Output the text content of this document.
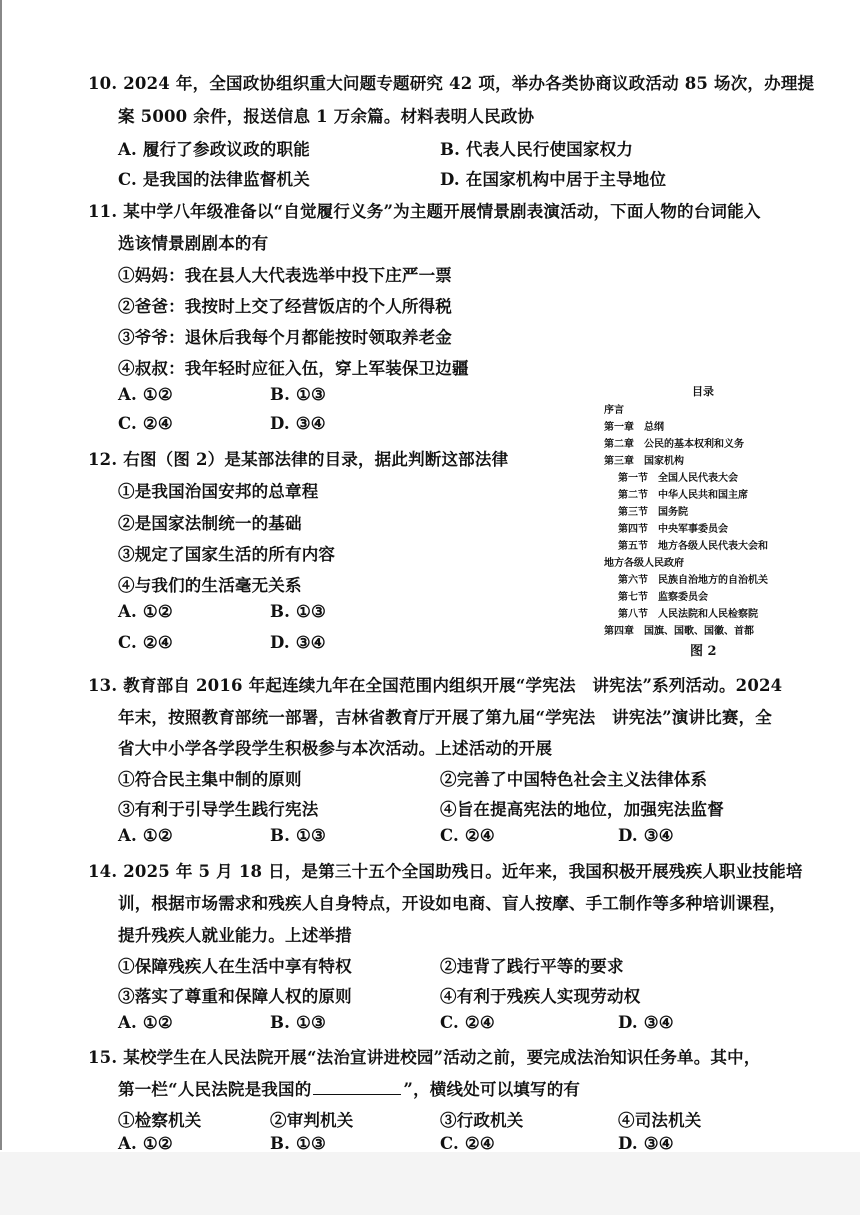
10. 2024 年，全国政协组织重大问题专题研究 42 项，举办各类协商议政活动 85 场次，办理提
案 5000 余件，报送信息 1 万余篇。材料表明人民政协
A. 履行了参政议政的职能	B. 代表人民行使国家权力
C. 是我国的法律监督机关	D. 在国家机构中居于主导地位
11. 某中学八年级准备以“自觉履行义务”为主题开展情景剧表演活动，下面人物的台词能入
选该情景剧剧本的有
①妈妈：我在县人大代表选举中投下庄严一票
②爸爸：我按时上交了经营饭店的个人所得税
③爷爷：退休后我每个月都能按时领取养老金
④叔叔：我年轻时应征入伍，穿上军装保卫边疆
A. ①②	B. ①③
C. ②④	D. ③④
12. 右图（图 2）是某部法律的目录，据此判断这部法律
①是我国治国安邦的总章程
②是国家法制统一的基础
③规定了国家生活的所有内容
④与我们的生活毫无关系
A. ①②	B. ①③
C. ②④	D. ③④
目录
序言
第一章　总纲
第二章　公民的基本权利和义务
第三章　国家机构
第一节　全国人民代表大会
第二节　中华人民共和国主席
第三节　国务院
第四节　中央军事委员会
第五节　地方各级人民代表大会和
地方各级人民政府
第六节　民族自治地方的自治机关
第七节　监察委员会
第八节　人民法院和人民检察院
第四章　国旗、国歌、国徽、首都
图 2
13. 教育部自 2016 年起连续九年在全国范围内组织开展“学宪法　讲宪法”系列活动。2024
年末，按照教育部统一部署，吉林省教育厅开展了第九届“学宪法　讲宪法”演讲比赛，全
省大中小学各学段学生积极参与本次活动。上述活动的开展
①符合民主集中制的原则	②完善了中国特色社会主义法律体系
③有利于引导学生践行宪法	④旨在提高宪法的地位，加强宪法监督
A. ①②	B. ①③	C. ②④	D. ③④
14. 2025 年 5 月 18 日，是第三十五个全国助残日。近年来，我国积极开展残疾人职业技能培
训，根据市场需求和残疾人自身特点，开设如电商、盲人按摩、手工制作等多种培训课程，
提升残疾人就业能力。上述举措
①保障残疾人在生活中享有特权	②违背了践行平等的要求
③落实了尊重和保障人权的原则	④有利于残疾人实现劳动权
A. ①②	B. ①③	C. ②④	D. ③④
15. 某校学生在人民法院开展“法治宣讲进校园”活动之前，要完成法治知识任务单。其中，
第一栏“人民法院是我国的	”，横线处可以填写的有
①检察机关	②审判机关	③行政机关	④司法机关
A. ①②	B. ①③	C. ②④	D. ③④
